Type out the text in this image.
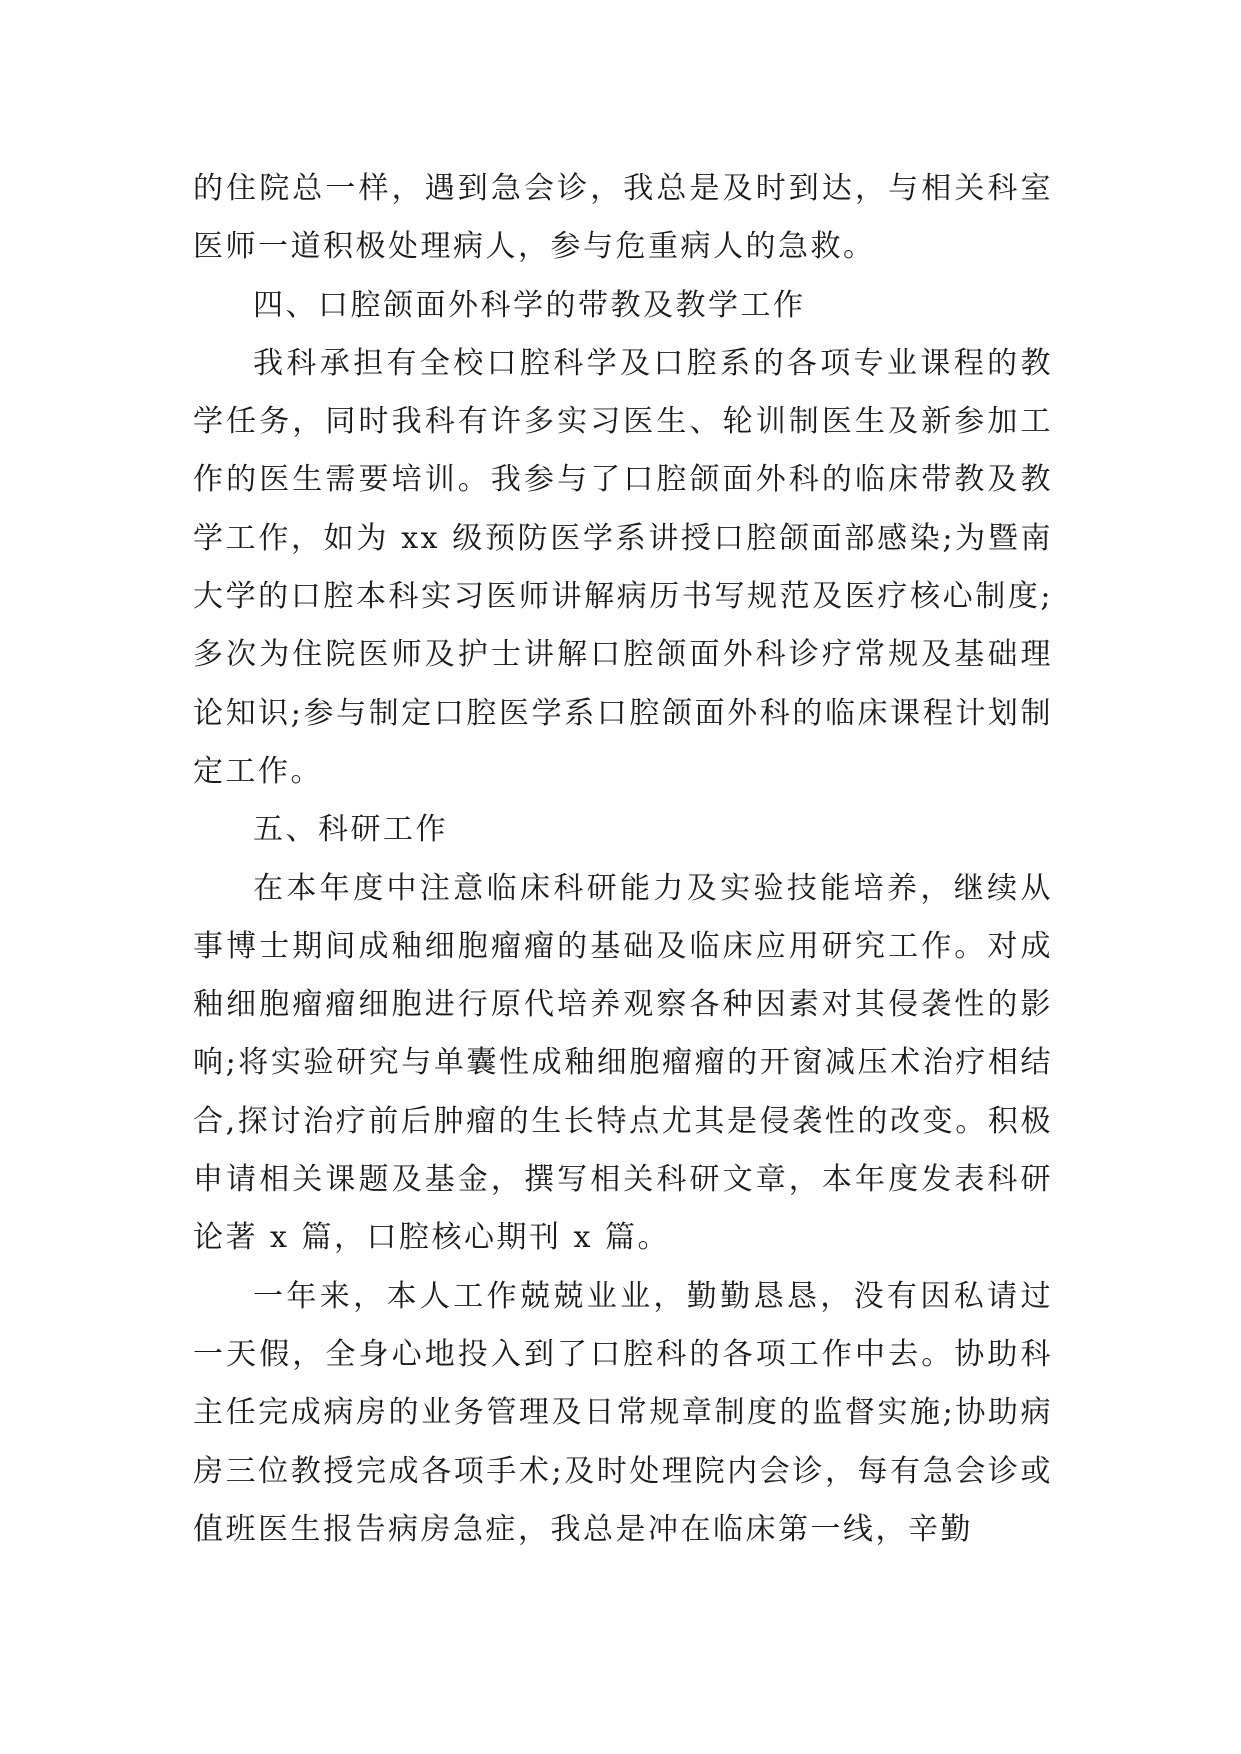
的住院总一样，遇到急会诊，我总是及时到达，与相关科室医师一道积极处理病人，参与危重病人的急救。

四、口腔颌面外科学的带教及教学工作

我科承担有全校口腔科学及口腔系的各项专业课程的教学任务，同时我科有许多实习医生、轮训制医生及新参加工作的医生需要培训。我参与了口腔颌面外科的临床带教及教学工作，如为 xx 级预防医学系讲授口腔颌面部感染;为暨南大学的口腔本科实习医师讲解病历书写规范及医疗核心制度;多次为住院医师及护士讲解口腔颌面外科诊疗常规及基础理论知识;参与制定口腔医学系口腔颌面外科的临床课程计划制定工作。

五、科研工作

在本年度中注意临床科研能力及实验技能培养，继续从事博士期间成釉细胞瘤瘤的基础及临床应用研究工作。对成釉细胞瘤瘤细胞进行原代培养观察各种因素对其侵袭性的影响;将实验研究与单囊性成釉细胞瘤瘤的开窗减压术治疗相结合,探讨治疗前后肿瘤的生长特点尤其是侵袭性的改变。积极申请相关课题及基金，撰写相关科研文章，本年度发表科研论著 x 篇，口腔核心期刊 x 篇。

一年来，本人工作兢兢业业，勤勤恳恳，没有因私请过一天假，全身心地投入到了口腔科的各项工作中去。协助科主任完成病房的业务管理及日常规章制度的监督实施;协助病房三位教授完成各项手术;及时处理院内会诊，每有急会诊或值班医生报告病房急症，我总是冲在临床第一线，辛勤
